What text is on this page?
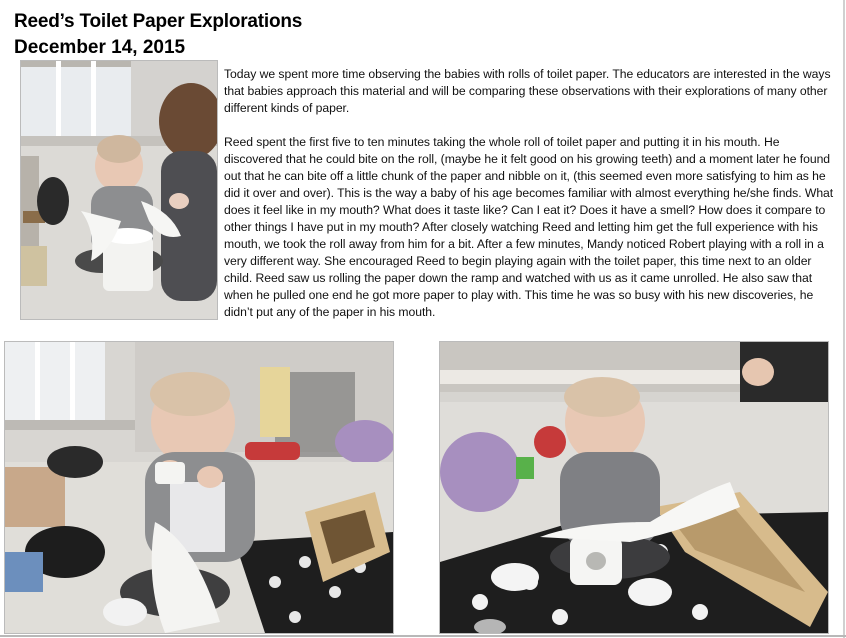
Reed’s Toilet Paper Explorations
December 14, 2015

Today we spent more time observing the babies with rolls of toilet paper. The educators are interested in the ways that babies approach this material and will be comparing these observations with their explorations of many other different kinds of paper.

Reed spent the first five to ten minutes taking the whole roll of toilet paper and putting it in his mouth. He discovered that he could bite on the roll, (maybe he it felt good on his growing teeth) and a moment later he found out that he can bite off a little chunk of the paper and nibble on it, (this seemed even more satisfying to him as he did it over and over). This is the way a baby of his age becomes familiar with almost everything he/she finds. What does it feel like in my mouth? What does it taste like? Can I eat it? Does it have a smell? How does it compare to other things I have put in my mouth? After closely watching Reed and letting him get the full experience with his mouth, we took the roll away from him for a bit. After a few minutes, Mandy noticed Robert playing with a roll in a very different way. She encouraged Reed to begin playing again with the toilet paper, this time next to an older child. Reed saw us rolling the paper down the ramp and watched with us as it came unrolled. He also saw that when he pulled one end he got more paper to play with. This time he was so busy with his new discoveries, he didn’t put any of the paper in his mouth.
